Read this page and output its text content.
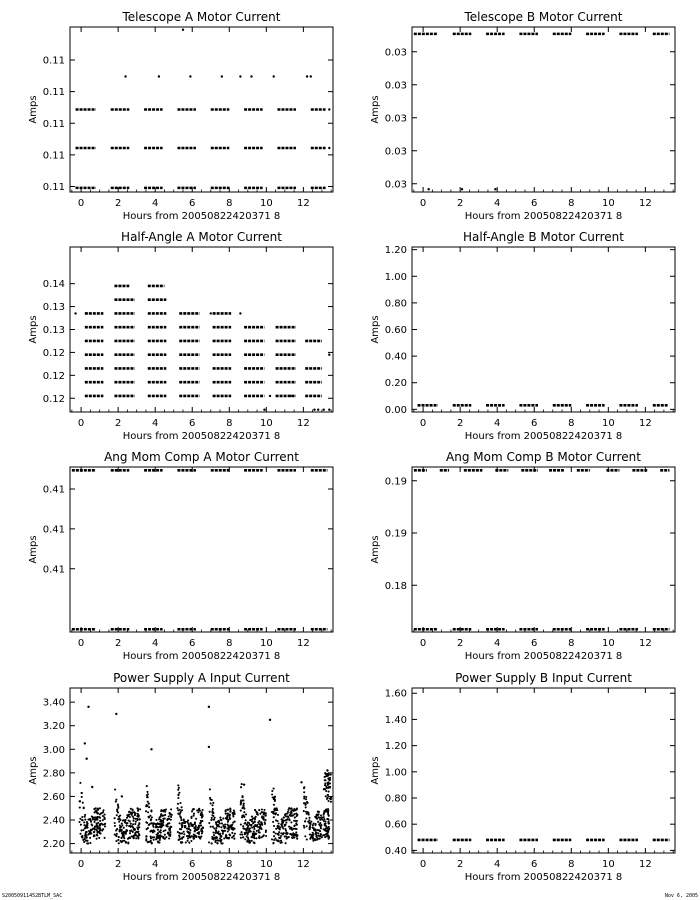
Telescope A Motor Current
0	2	4	6	8	10 12
Hours from 20050822420371 8
0.11
0.11
0.11
0.11
0.11
Amps
Telescope B Motor Current
0	2	4	6	8	10 12
Hours from 20050822420371 8
0.03
0.03
0.03
0.03
0.03
Amps
Half-Angle A Motor Current
0	2	4	6	8	10 12
Hours from 20050822420371 8
0.12
0.12
0.12
0.13
0.13
0.14
Amps
Half-Angle B Motor Current
0	2	4	6	8	10 12
Hours from 20050822420371 8
0.00
0.20
0.40
0.60
0.80
1.00
1.20
Amps
Ang Mom Comp A Motor Current
0	2	4	6	8	10 12
Hours from 20050822420371 8
0.41
0.41
0.41
Amps
Ang Mom Comp B Motor Current
0	2	4	6	8	10 12
Hours from 20050822420371 8
0.18
0.19
0.19
Amps
Power Supply A Input Current
0	2	4	6	8	10 12
Hours from 20050822420371 8
2.20
2.40
2.60
2.80
3.00
3.20
3.40
Amps
Power Supply B Input Current
0	2	4	6	8	10 12
Hours from 20050822420371 8
0.40
0.60
0.80
1.00
1.20
1.40
1.60
Amps
S20050911452BTLM_SAC	Nov 6, 2005
